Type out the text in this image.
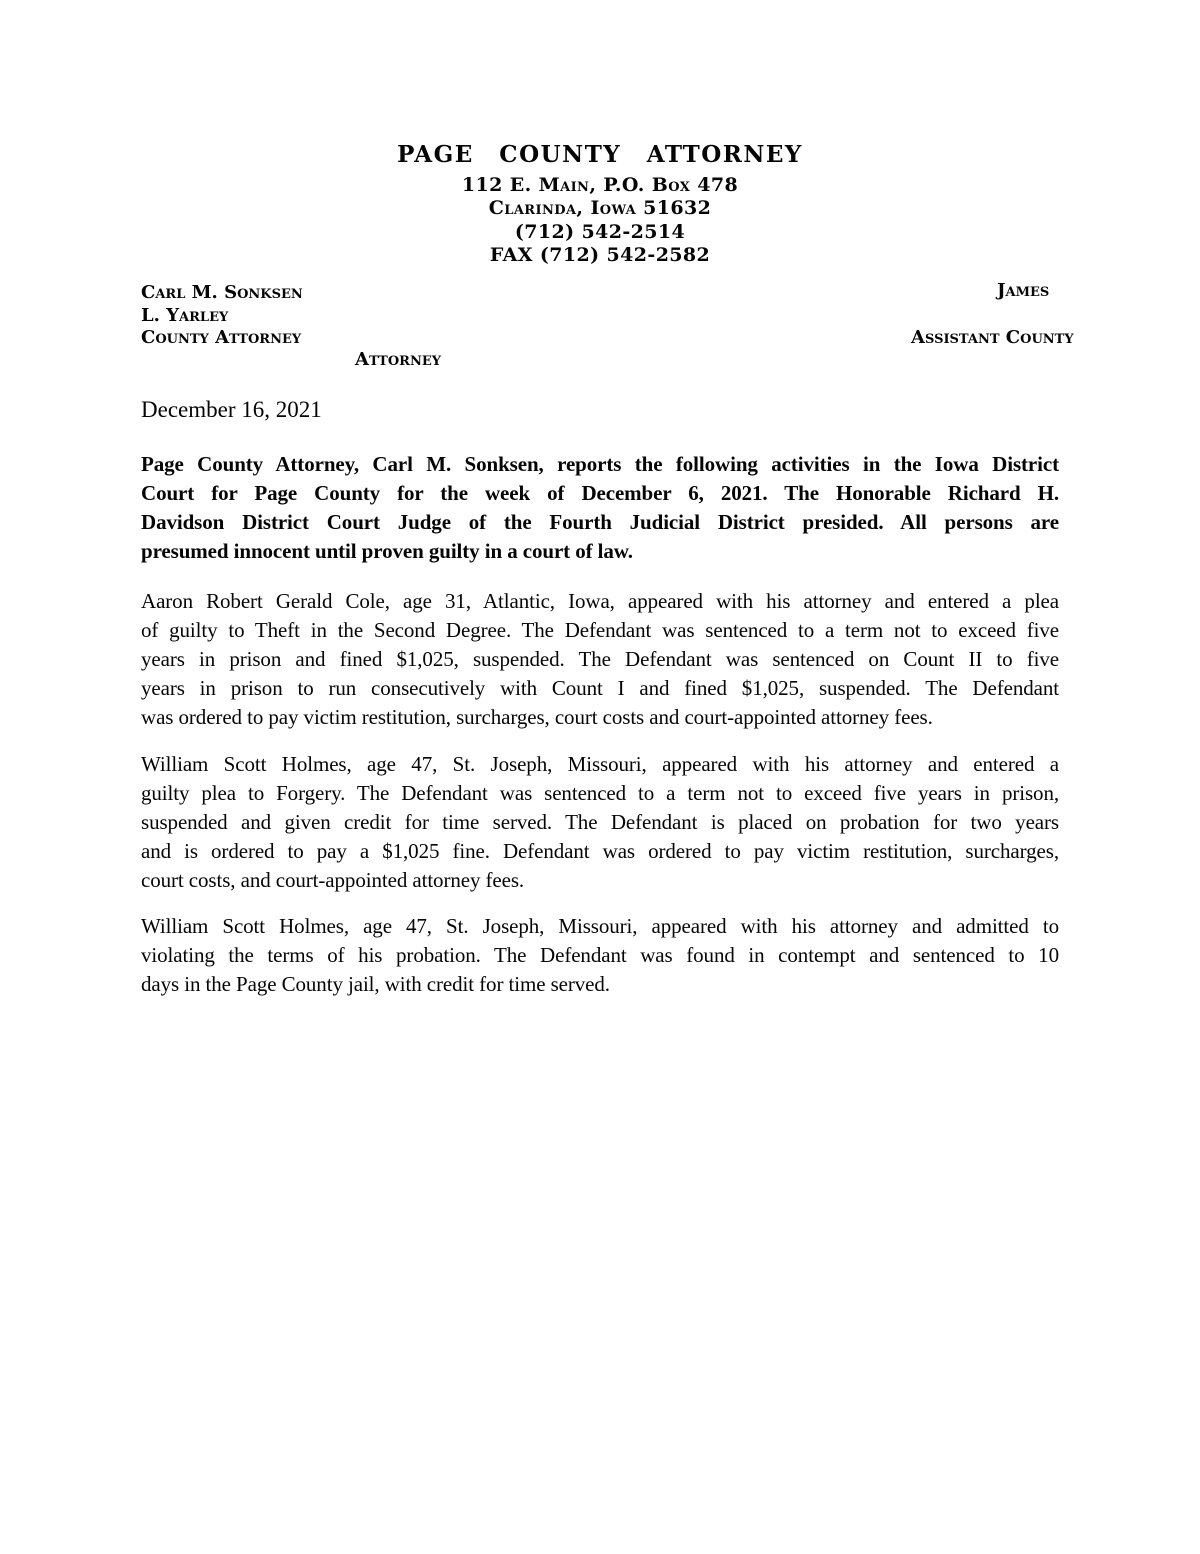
PAGE COUNTY ATTORNEY
112 E. Main, P.O. Box 478
Clarinda, Iowa 51632
(712) 542-2514
FAX (712) 542-2582
Carl M. Sonksen	James
L. Yarley
County Attorney	Assistant County
Attorney
December 16, 2021
Page County Attorney, Carl M. Sonksen, reports the following activities in the Iowa District
Court for Page County for the week of December 6, 2021. The Honorable Richard H.
Davidson District Court Judge of the Fourth Judicial District presided. All persons are
presumed innocent until proven guilty in a court of law.
Aaron Robert Gerald Cole, age 31, Atlantic, Iowa, appeared with his attorney and entered a plea
of guilty to Theft in the Second Degree. The Defendant was sentenced to a term not to exceed five
years in prison and fined $1,025, suspended. The Defendant was sentenced on Count II to five
years in prison to run consecutively with Count I and fined $1,025, suspended. The Defendant
was ordered to pay victim restitution, surcharges, court costs and court-appointed attorney fees.
William Scott Holmes, age 47, St. Joseph, Missouri, appeared with his attorney and entered a
guilty plea to Forgery. The Defendant was sentenced to a term not to exceed five years in prison,
suspended and given credit for time served. The Defendant is placed on probation for two years
and is ordered to pay a $1,025 fine. Defendant was ordered to pay victim restitution, surcharges,
court costs, and court-appointed attorney fees.
William Scott Holmes, age 47, St. Joseph, Missouri, appeared with his attorney and admitted to
violating the terms of his probation. The Defendant was found in contempt and sentenced to 10
days in the Page County jail, with credit for time served.
